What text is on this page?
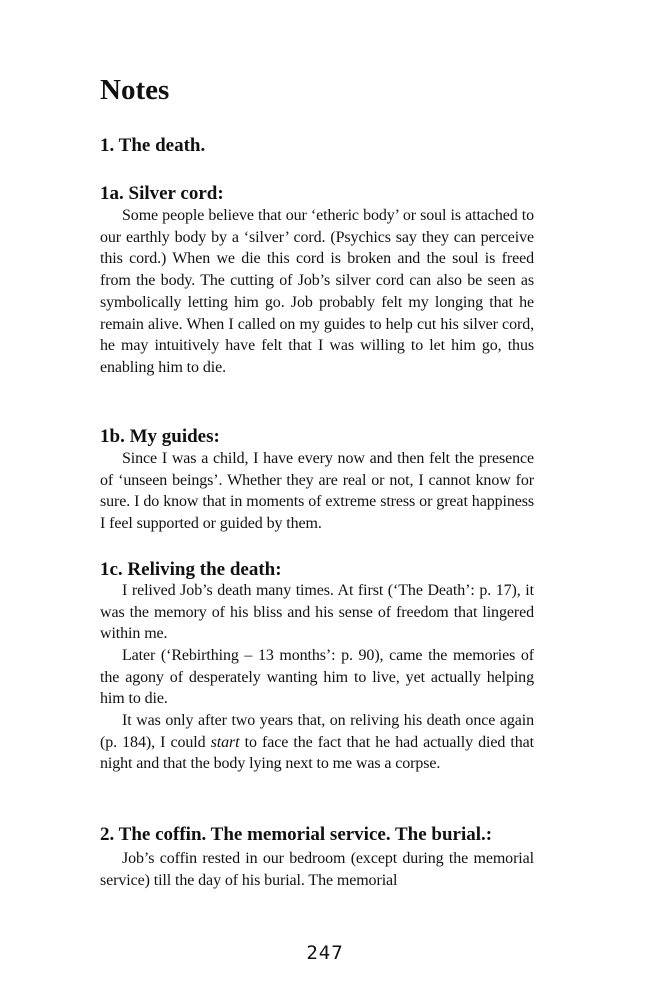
Notes
1. The death.
1a. Silver cord:

Some people believe that our ‘etheric body’ or soul is attached to our earthly body by a ‘silver’ cord. (Psychics say they can perceive this cord.) When we die this cord is broken and the soul is freed from the body. The cutting of Job’s silver cord can also be seen as symbolically letting him go. Job probably felt my longing that he remain alive. When I called on my guides to help cut his silver cord, he may intuitively have felt that I was willing to let him go, thus enabling him to die.

1b. My guides:

Since I was a child, I have every now and then felt the presence of ‘unseen beings’. Whether they are real or not, I cannot know for sure. I do know that in moments of extreme stress or great happiness I feel supported or guided by them.

1c. Reliving the death:

I relived Job’s death many times. At first (‘The Death’: p. 17), it was the memory of his bliss and his sense of freedom that lingered within me.

Later (‘Rebirthing – 13 months’: p. 90), came the memories of the agony of desperately wanting him to live, yet actually helping him to die.

It was only after two years that, on reliving his death once again (p. 184), I could start to face the fact that he had actually died that night and that the body lying next to me was a corpse.

2. The coffin. The memorial service. The burial.:

Job’s coffin rested in our bedroom (except during the memorial service) till the day of his burial. The memorial

247
